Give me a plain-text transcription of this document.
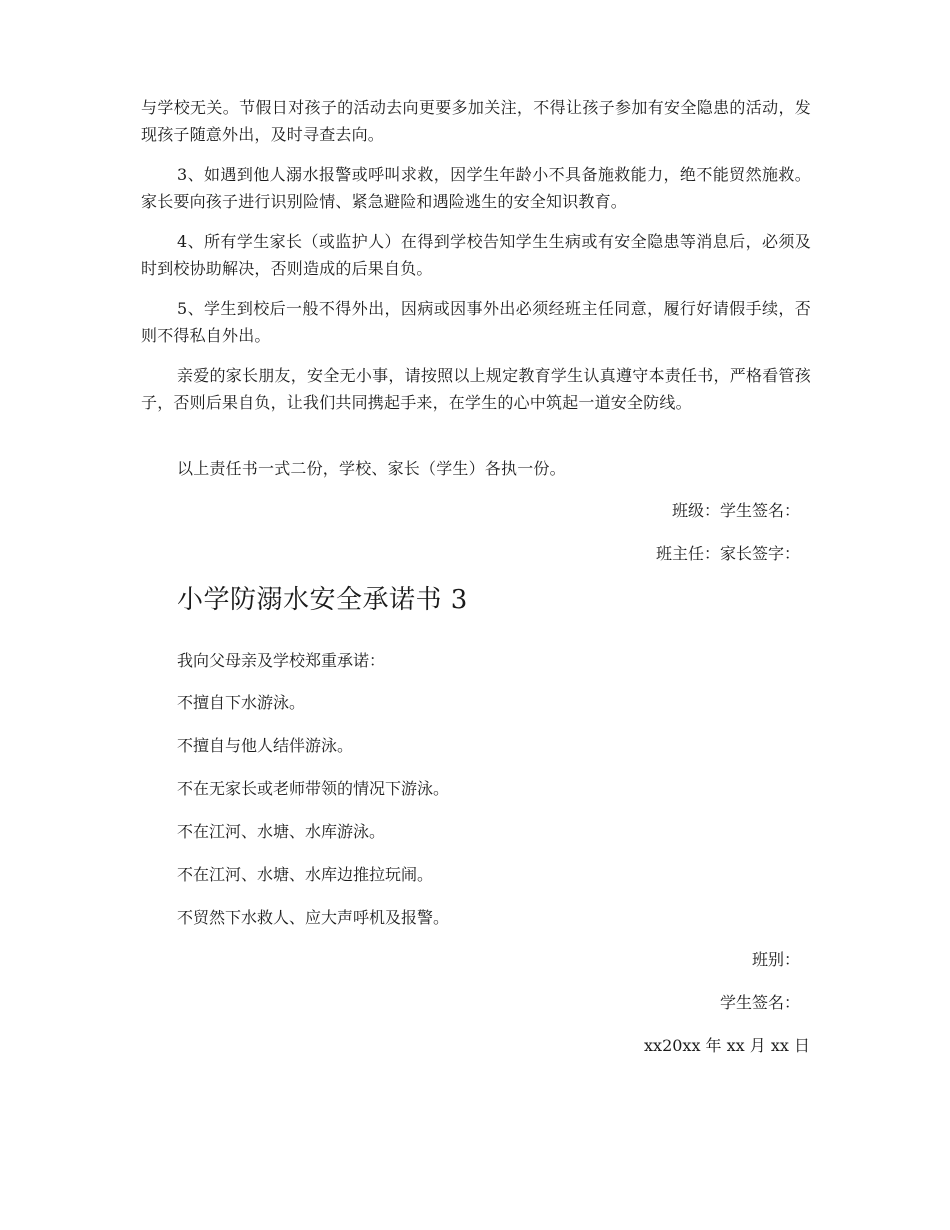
与学校无关。节假日对孩子的活动去向更要多加关注，不得让孩子参加有安全隐患的活动，发现孩子随意外出，及时寻查去向。

3、如遇到他人溺水报警或呼叫求救，因学生年龄小不具备施救能力，绝不能贸然施救。家长要向孩子进行识别险情、紧急避险和遇险逃生的安全知识教育。

4、所有学生家长（或监护人）在得到学校告知学生生病或有安全隐患等消息后，必须及时到校协助解决，否则造成的后果自负。

5、学生到校后一般不得外出，因病或因事外出必须经班主任同意，履行好请假手续，否则不得私自外出。

亲爱的家长朋友，安全无小事，请按照以上规定教育学生认真遵守本责任书，严格看管孩子，否则后果自负，让我们共同携起手来，在学生的心中筑起一道安全防线。

以上责任书一式二份，学校、家长（学生）各执一份。

班级：学生签名：

班主任：家长签字：

小学防溺水安全承诺书 3

我向父母亲及学校郑重承诺：

不擅自下水游泳。

不擅自与他人结伴游泳。

不在无家长或老师带领的情况下游泳。

不在江河、水塘、水库游泳。

不在江河、水塘、水库边推拉玩闹。

不贸然下水救人、应大声呼机及报警。

班别：

学生签名：

xx20xx 年 xx 月 xx 日
